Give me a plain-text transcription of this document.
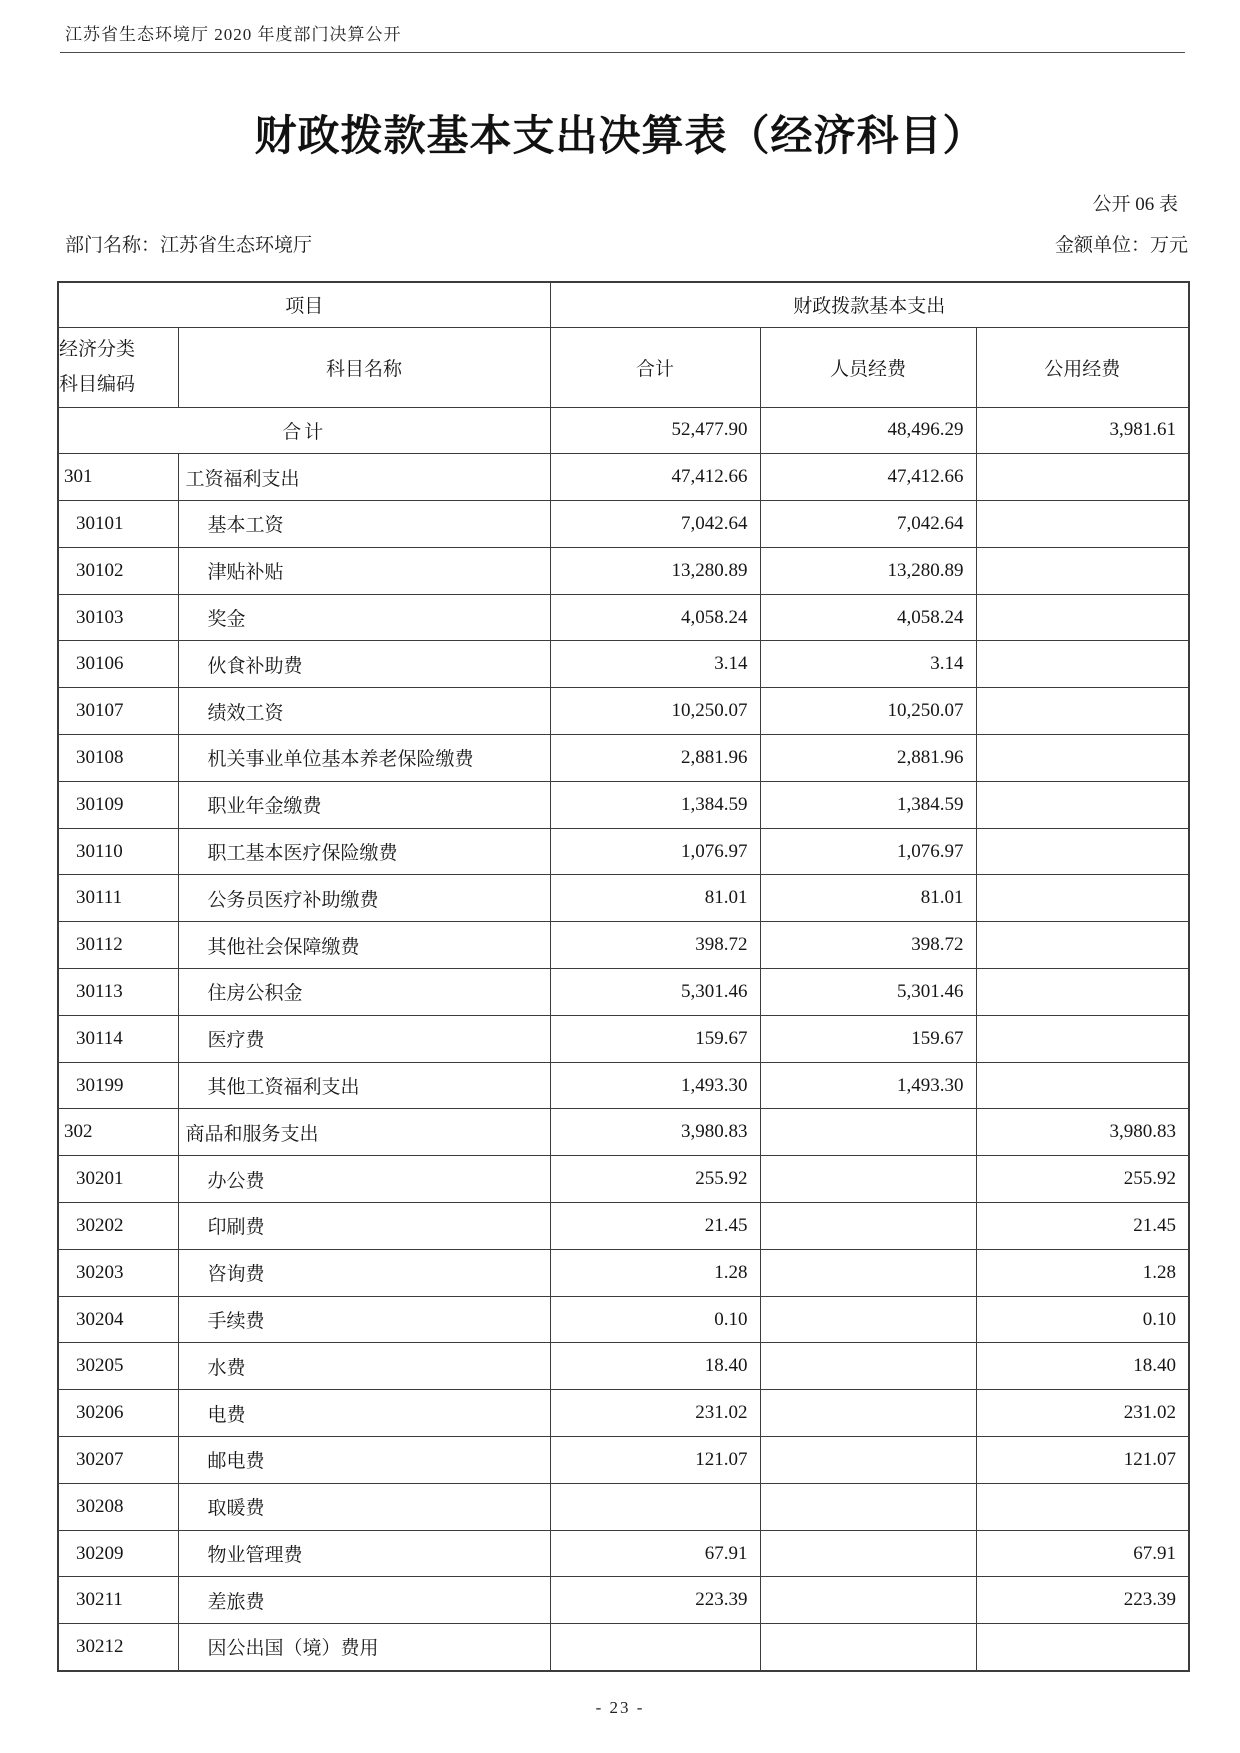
江苏省生态环境厅 2020 年度部门决算公开
财政拨款基本支出决算表（经济科目）
公开 06 表
部门名称：江苏省生态环境厅	金额单位：万元
项目		财政拨款基本支出		

经济分类
科目编码	科目名称	合计	人员经费	公用经费
合计		52,477.90	48,496.29	3,981.61
301	工资福利支出	47,412.66	47,412.66	
30101	基本工资	7,042.64	7,042.64	
30102	津贴补贴	13,280.89	13,280.89	
30103	奖金	4,058.24	4,058.24	
30106	伙食补助费	3.14	3.14	
30107	绩效工资	10,250.07	10,250.07	
30108	机关事业单位基本养老保险缴费	2,881.96	2,881.96	
30109	职业年金缴费	1,384.59	1,384.59	
30110	职工基本医疗保险缴费	1,076.97	1,076.97	
30111	公务员医疗补助缴费	81.01	81.01	
30112	其他社会保障缴费	398.72	398.72	
30113	住房公积金	5,301.46	5,301.46	
30114	医疗费	159.67	159.67	
30199	其他工资福利支出	1,493.30	1,493.30	
302	商品和服务支出	3,980.83		3,980.83
30201	办公费	255.92		255.92
30202	印刷费	21.45		21.45
30203	咨询费	1.28		1.28
30204	手续费	0.10		0.10
30205	水费	18.40		18.40
30206	电费	231.02		231.02
30207	邮电费	121.07		121.07
30208	取暖费			
30209	物业管理费	67.91		67.91
30211	差旅费	223.39		223.39
30212	因公出国（境）费用			
- 23 -
